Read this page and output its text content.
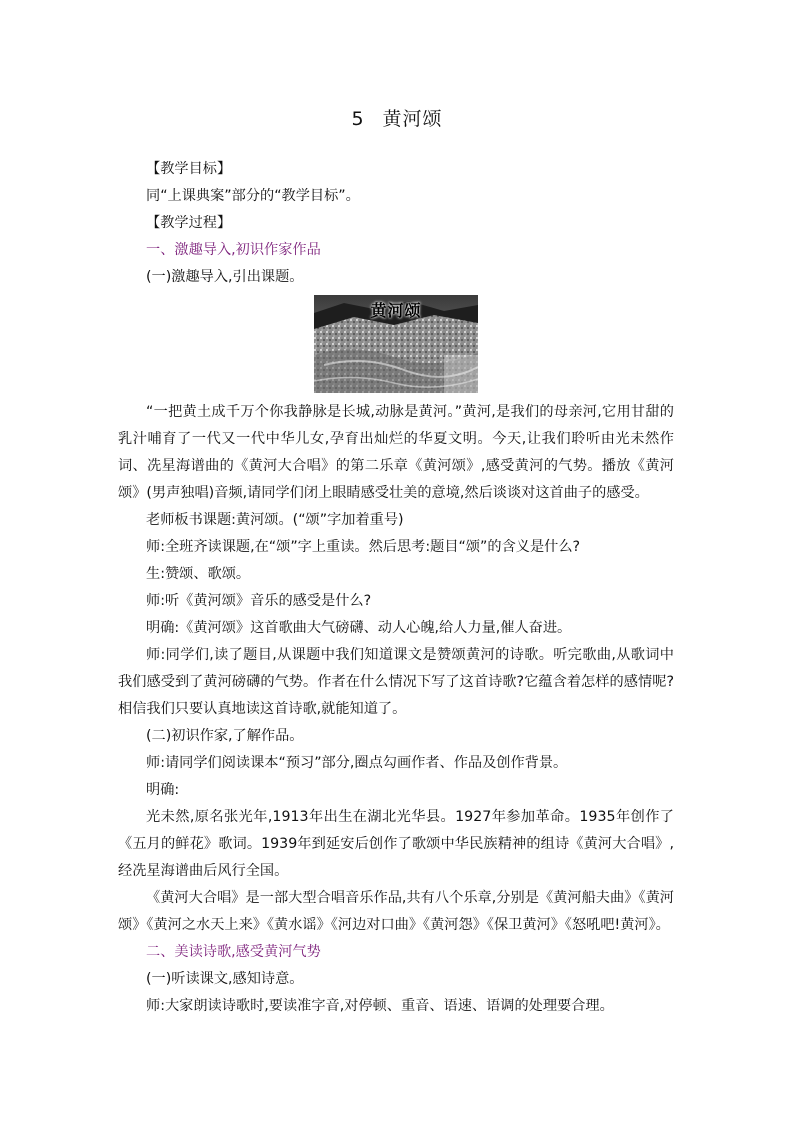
5 黄河颂

【教学目标】

同“上课典案”部分的“教学目标”。

【教学过程】

一、激趣导入,初识作家作品

(一)激趣导入,引出课题。

黄河颂

“一把黄土成千万个你我静脉是长城,动脉是黄河。”黄河,是我们的母亲河,它用甘甜的乳汁哺育了一代又一代中华儿女,孕育出灿烂的华夏文明。今天,让我们聆听由光未然作词、冼星海谱曲的《黄河大合唱》的第二乐章《黄河颂》,感受黄河的气势。播放《黄河颂》(男声独唱)音频,请同学们闭上眼睛感受壮美的意境,然后谈谈对这首曲子的感受。

老师板书课题:黄河颂。(“颂”字加着重号)

师:全班齐读课题,在“颂”字上重读。然后思考:题目“颂”的含义是什么?

生:赞颂、歌颂。

师:听《黄河颂》音乐的感受是什么?

明确:《黄河颂》这首歌曲大气磅礴、动人心魄,给人力量,催人奋进。

师:同学们,读了题目,从课题中我们知道课文是赞颂黄河的诗歌。听完歌曲,从歌词中我们感受到了黄河磅礴的气势。作者在什么情况下写了这首诗歌?它蕴含着怎样的感情呢?相信我们只要认真地读这首诗歌,就能知道了。

(二)初识作家,了解作品。

师:请同学们阅读课本“预习”部分,圈点勾画作者、作品及创作背景。

明确:

光未然,原名张光年,1913年出生在湖北光华县。1927年参加革命。1935年创作了《五月的鲜花》歌词。1939年到延安后创作了歌颂中华民族精神的组诗《黄河大合唱》,经冼星海谱曲后风行全国。

《黄河大合唱》是一部大型合唱音乐作品,共有八个乐章,分别是《黄河船夫曲》《黄河颂》《黄河之水天上来》《黄水谣》《河边对口曲》《黄河怨》《保卫黄河》《怒吼吧!黄河》。

二、美读诗歌,感受黄河气势

(一)听读课文,感知诗意。

师:大家朗读诗歌时,要读准字音,对停顿、重音、语速、语调的处理要合理。
